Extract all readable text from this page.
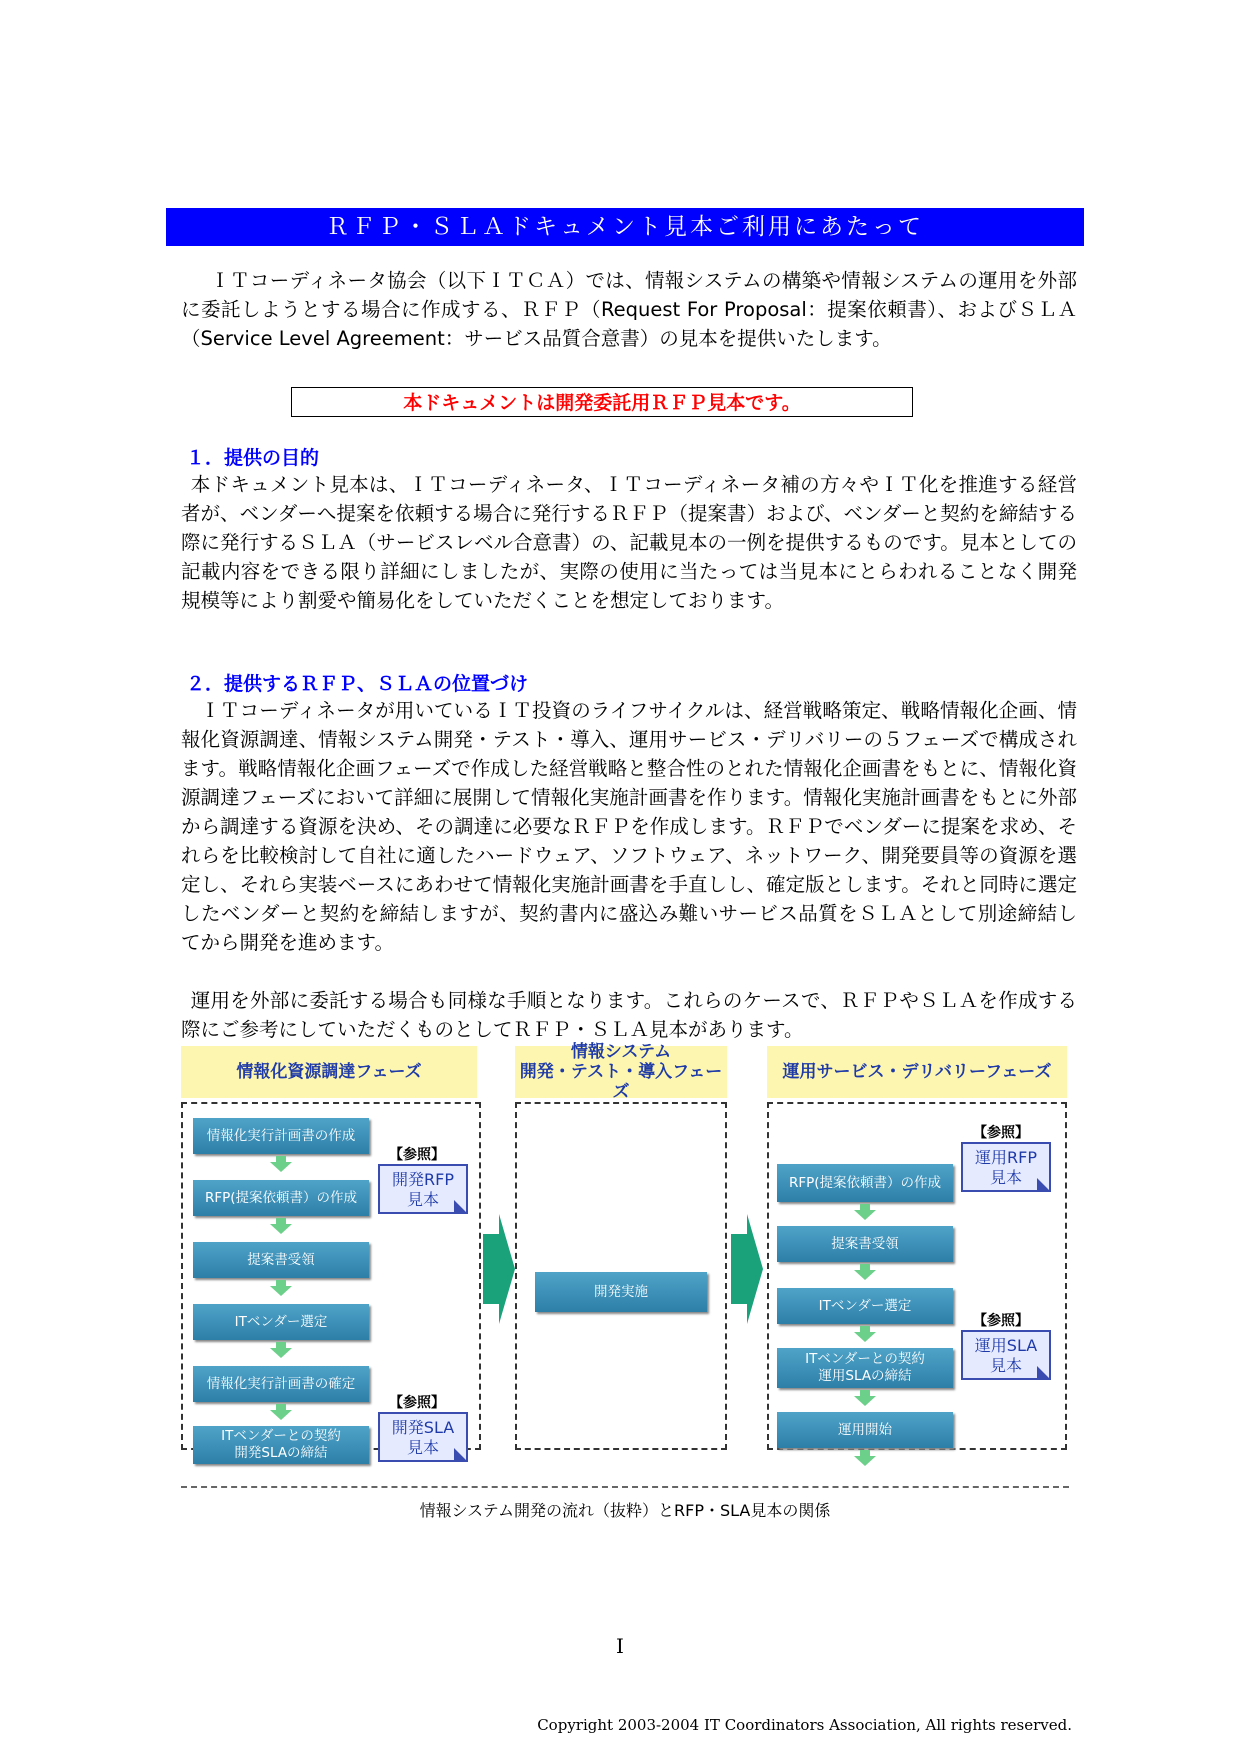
ＲＦＰ・ＳＬＡドキュメント見本ご利用にあたって

ＩＴコーディネータ協会（以下ＩＴＣＡ）では、情報システムの構築や情報システムの運用を外部に委託しようとする場合に作成する、ＲＦＰ（Request For Proposal：提案依頼書）、およびＳＬＡ（Service Level Agreement：サービス品質合意書）の見本を提供いたします。

本ドキュメントは開発委託用ＲＦＰ見本です。
１．提供の目的

本ドキュメント見本は、ＩＴコーディネータ、ＩＴコーディネータ補の方々やＩＴ化を推進する経営者が、ベンダーへ提案を依頼する場合に発行するＲＦＰ（提案書）および、ベンダーと契約を締結する際に発行するＳＬＡ（サービスレベル合意書）の、記載見本の一例を提供するものです。見本としての記載内容をできる限り詳細にしましたが、実際の使用に当たっては当見本にとらわれることなく開発規模等により割愛や簡易化をしていただくことを想定しております。

２．提供するＲＦＰ、ＳＬＡの位置づけ

ＩＴコーディネータが用いているＩＴ投資のライフサイクルは、経営戦略策定、戦略情報化企画、情報化資源調達、情報システム開発・テスト・導入、運用サービス・デリバリーの５フェーズで構成されます。戦略情報化企画フェーズで作成した経営戦略と整合性のとれた情報化企画書をもとに、情報化資源調達フェーズにおいて詳細に展開して情報化実施計画書を作ります。情報化実施計画書をもとに外部から調達する資源を決め、その調達に必要なＲＦＰを作成します。ＲＦＰでベンダーに提案を求め、それらを比較検討して自社に適したハードウェア、ソフトウェア、ネットワーク、開発要員等の資源を選定し、それら実装ベースにあわせて情報化実施計画書を手直しし、確定版とします。それと同時に選定したベンダーと契約を締結しますが、契約書内に盛込み難いサービス品質をＳＬＡとして別途締結してから開発を進めます。

運用を外部に委託する場合も同様な手順となります。これらのケースで、ＲＦＰやＳＬＡを作成する際にご参考にしていただくものとしてＲＦＰ・ＳＬＡ見本があります。

情報化資源調達フェーズ
情報システム
開発・テスト・導入フェーズ
運用サービス・デリバリーフェーズ
情報化実行計画書の作成
RFP(提案依頼書）の作成
提案書受領
ITベンダー選定
情報化実行計画書の確定
ITベンダーとの契約
開発SLAの締結
【参照】
開発RFP
見本
【参照】
開発SLA
見本
開発実施
RFP(提案依頼書）の作成
提案書受領
ITベンダー選定
ITベンダーとの契約
運用SLAの締結
運用開始
【参照】
運用RFP
見本
【参照】
運用SLA
見本
情報システム開発の流れ（抜粋）とRFP・SLA見本の関係
I
Copyright 2003-2004 IT Coordinators Association, All rights reserved.
